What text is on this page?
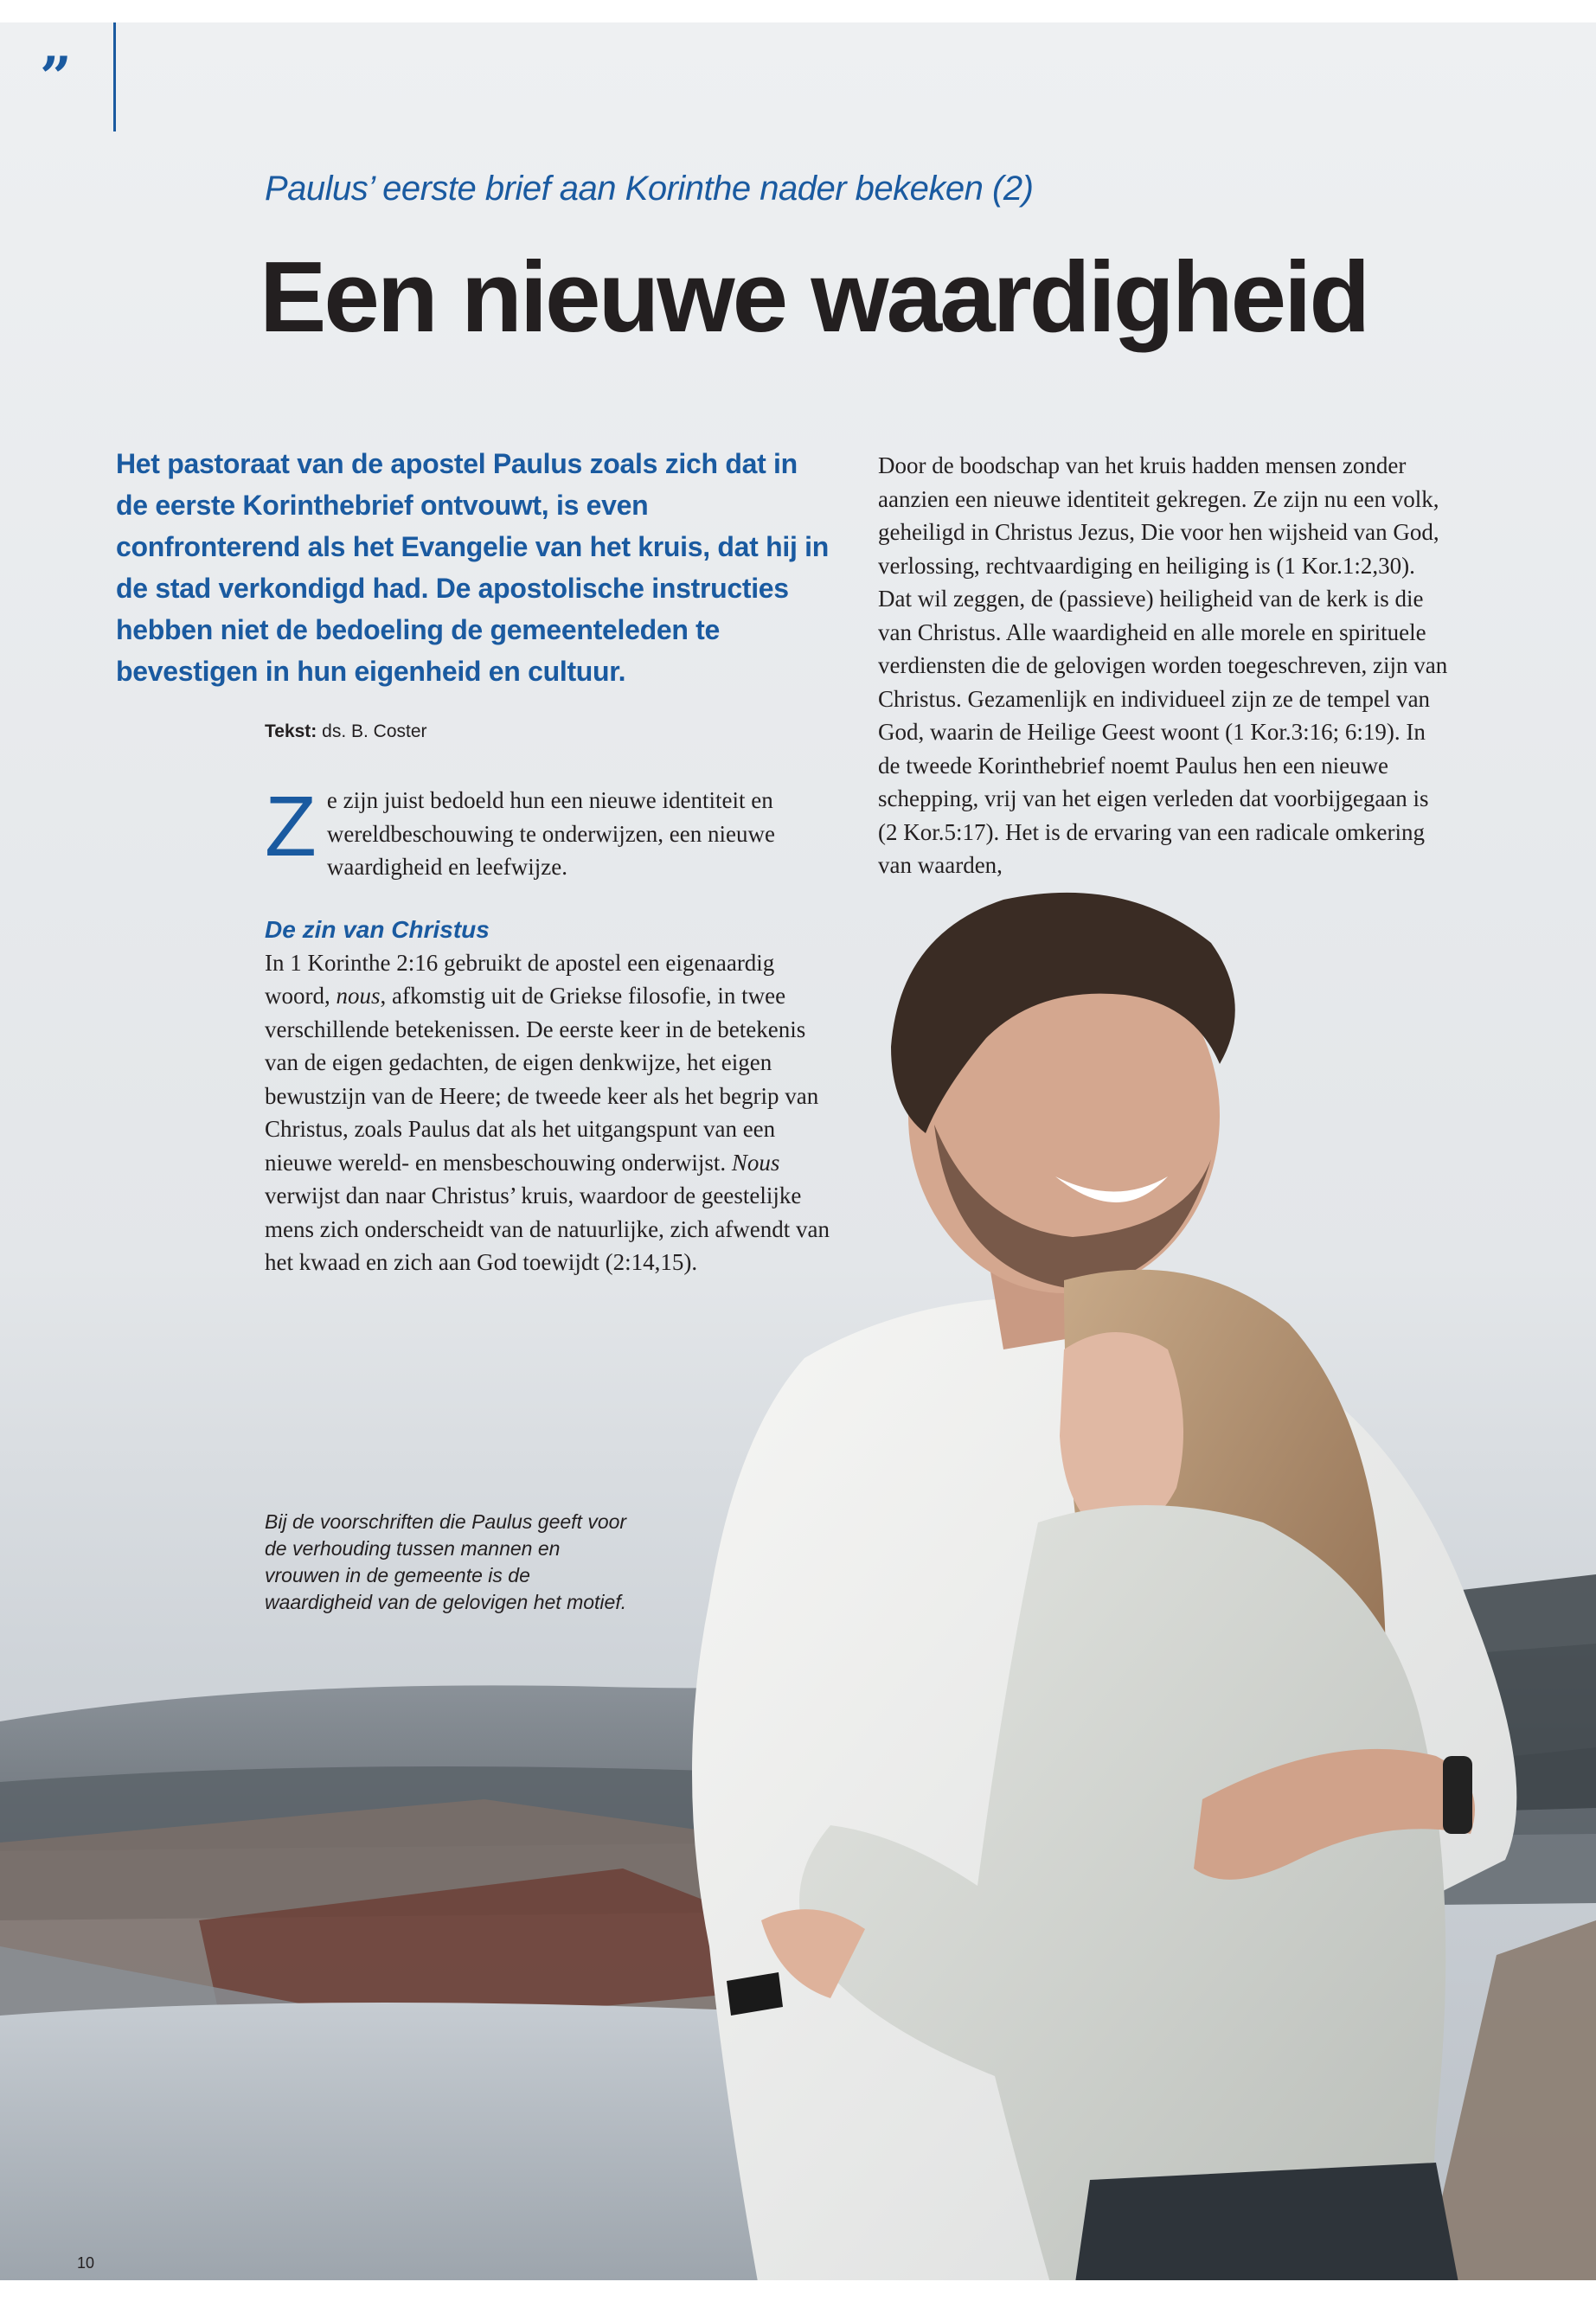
”
Paulus’ eerste brief aan Korinthe nader bekeken (2)
Een nieuwe waardigheid

Het pastoraat van de apostel Paulus zoals zich dat in de eerste Korinthebrief ontvouwt, is even confronterend als het Evangelie van het kruis, dat hij in de stad verkondigd had. De apostolische instructies hebben niet de bedoeling de gemeenteleden te bevestigen in hun eigenheid en cultuur.

Tekst: ds. B. Coster

Ze zijn juist bedoeld hun een nieuwe identiteit en wereldbeschouwing te onderwijzen, een nieuwe waardigheid en leefwijze.

De zin van Christus

In 1 Korinthe 2:16 gebruikt de apostel een eigenaardig woord, nous, afkomstig uit de Griekse filosofie, in twee verschillende betekenissen. De eerste keer in de betekenis van de eigen gedachten, de eigen denkwijze, het eigen bewustzijn van de Heere; de tweede keer als het begrip van Christus, zoals Paulus dat als het uitgangspunt van een nieuwe wereld- en mensbeschouwing onderwijst. Nous verwijst dan naar Christus’ kruis, waardoor de geestelijke mens zich onderscheidt van de natuurlijke, zich afwendt van het kwaad en zich aan God toewijdt (2:14,15).

Door de boodschap van het kruis hadden mensen zonder aanzien een nieuwe identiteit gekregen. Ze zijn nu een volk, geheiligd in Christus Jezus, Die voor hen wijsheid van God, verlossing, rechtvaardiging en heiliging is (1 Kor.1:2,30). Dat wil zeggen, de (passieve) heiligheid van de kerk is die van Christus. Alle waardigheid en alle morele en spirituele verdiensten die de gelovigen worden toegeschreven, zijn van Christus. Gezamenlijk en individueel zijn ze de tempel van God, waarin de Heilige Geest woont (1 Kor.3:16; 6:19). In de tweede Korinthebrief noemt Paulus hen een nieuwe schepping, vrij van het eigen verleden dat voorbijgegaan is (2 Kor.5:17). Het is de ervaring van een radicale omkering van waarden,

Bij de voorschriften die Paulus geeft voor de verhouding tussen mannen en vrouwen in de gemeente is de waardigheid van de gelovigen het motief.
10
